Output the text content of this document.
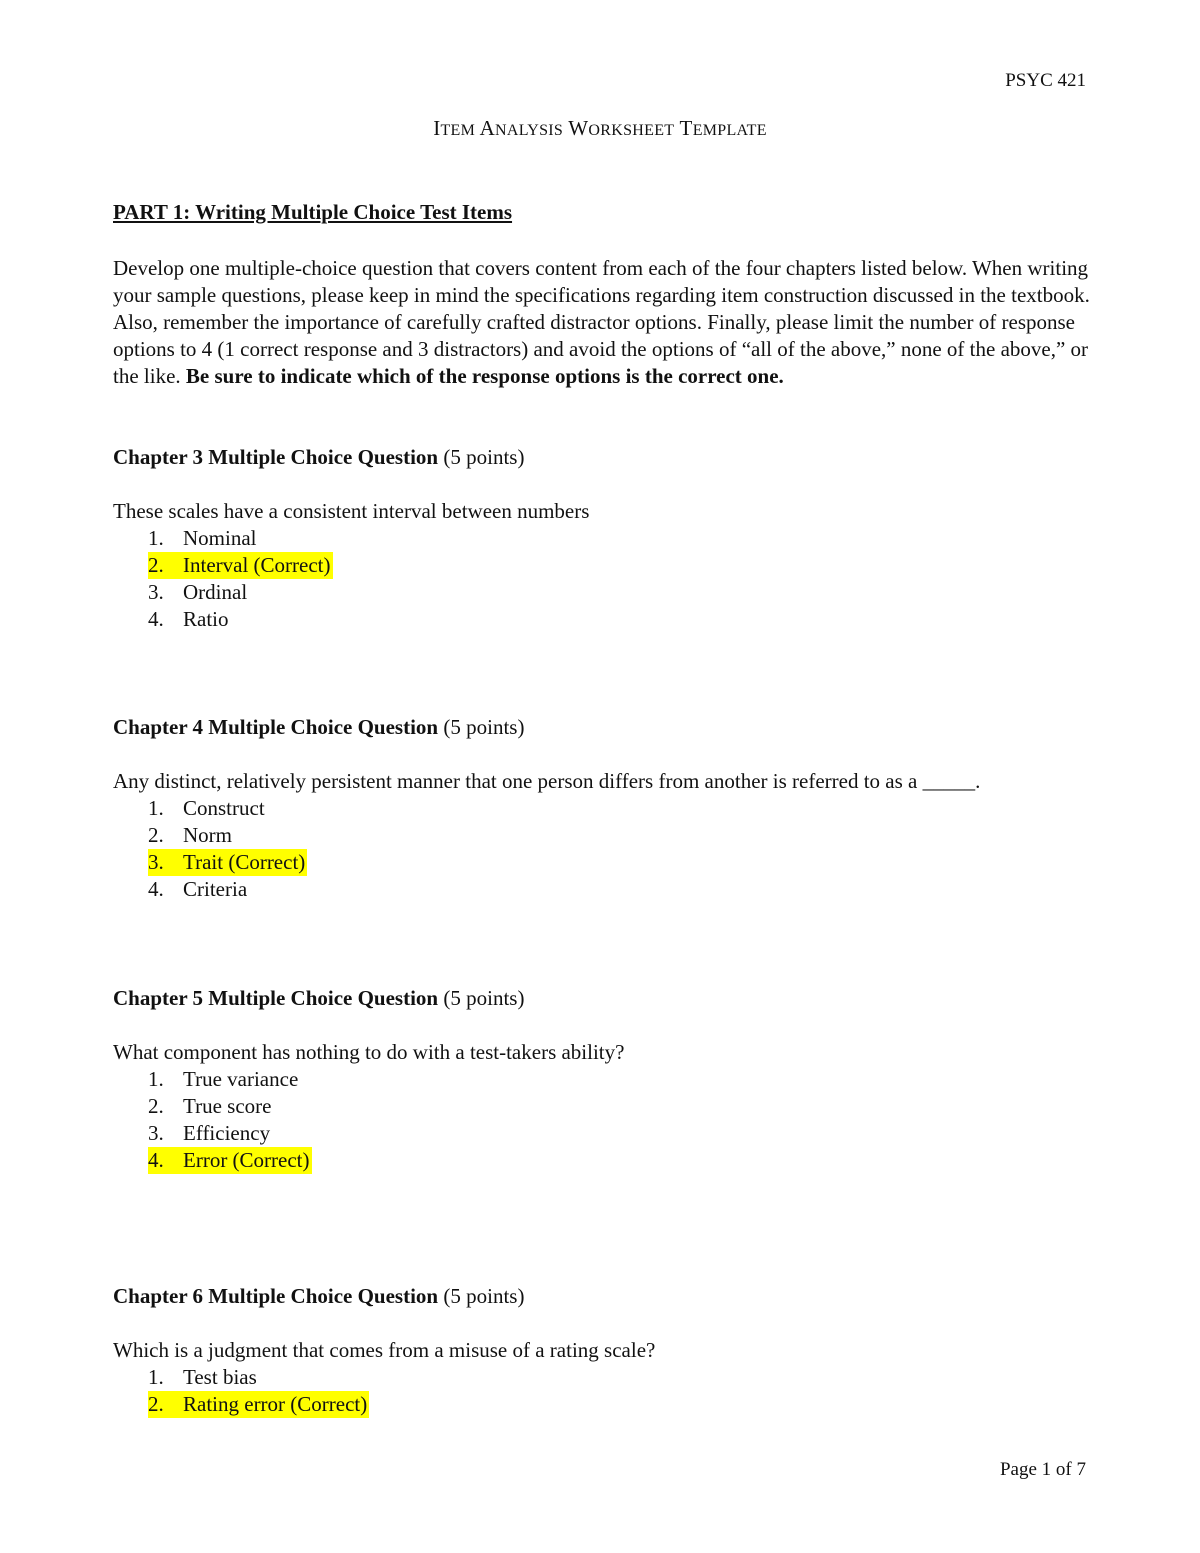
PSYC 421
ITEM ANALYSIS WORKSHEET TEMPLATE
PART 1: Writing Multiple Choice Test Items
Develop one multiple-choice question that covers content from each of the four chapters listed below. When writing your sample questions, please keep in mind the specifications regarding item construction discussed in the textbook. Also, remember the importance of carefully crafted distractor options. Finally, please limit the number of response options to 4 (1 correct response and 3 distractors) and avoid the options of “all of the above,” none of the above,” or the like. Be sure to indicate which of the response options is the correct one.
Chapter 3 Multiple Choice Question (5 points)
These scales have a consistent interval between numbers
1. Nominal
2. Interval (Correct)
3. Ordinal
4. Ratio
Chapter 4 Multiple Choice Question (5 points)
Any distinct, relatively persistent manner that one person differs from another is referred to as a _____.
1. Construct
2. Norm
3. Trait (Correct)
4. Criteria
Chapter 5 Multiple Choice Question (5 points)
What component has nothing to do with a test-takers ability?
1. True variance
2. True score
3. Efficiency
4. Error (Correct)
Chapter 6 Multiple Choice Question (5 points)
Which is a judgment that comes from a misuse of a rating scale?
1. Test bias
2. Rating error (Correct)
Page 1 of 7
